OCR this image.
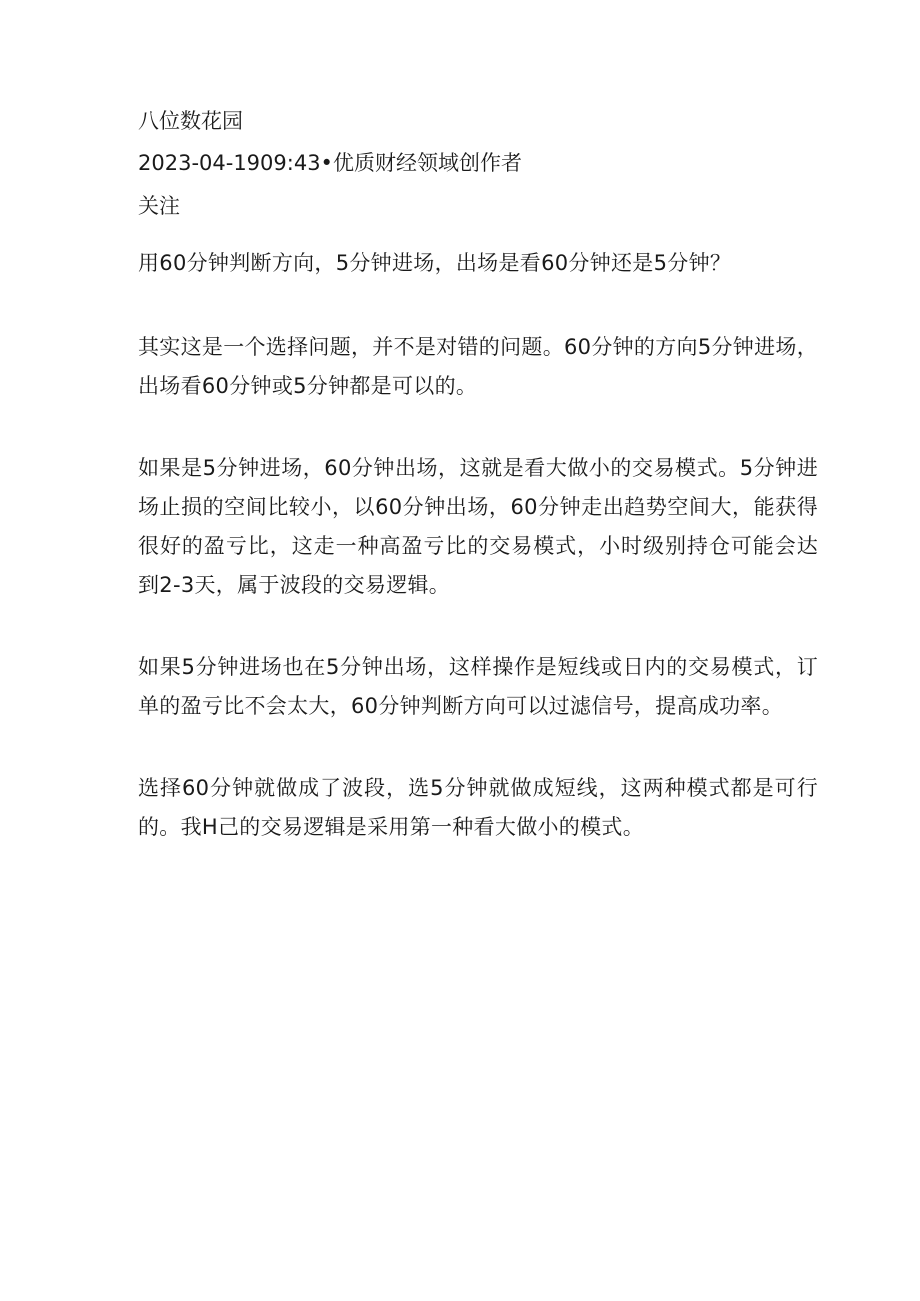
八位数花园
2023-04-1909:43•优质财经领域创作者
关注

用60分钟判断方向，5分钟进场，出场是看60分钟还是5分钟？

其实这是一个选择问题，并不是对错的问题。60分钟的方向5分钟进场，出场看60分钟或5分钟都是可以的。

如果是5分钟进场，60分钟出场，这就是看大做小的交易模式。5分钟进场止损的空间比较小，以60分钟出场，60分钟走出趋势空间大，能获得很好的盈亏比，这走一种高盈亏比的交易模式，小时级别持仓可能会达到2-3天，属于波段的交易逻辑。

如果5分钟进场也在5分钟出场，这样操作是短线或日内的交易模式，订单的盈亏比不会太大，60分钟判断方向可以过滤信号，提高成功率。

选择60分钟就做成了波段，选5分钟就做成短线，这两种模式都是可行的。我H己的交易逻辑是采用第一种看大做小的模式。
